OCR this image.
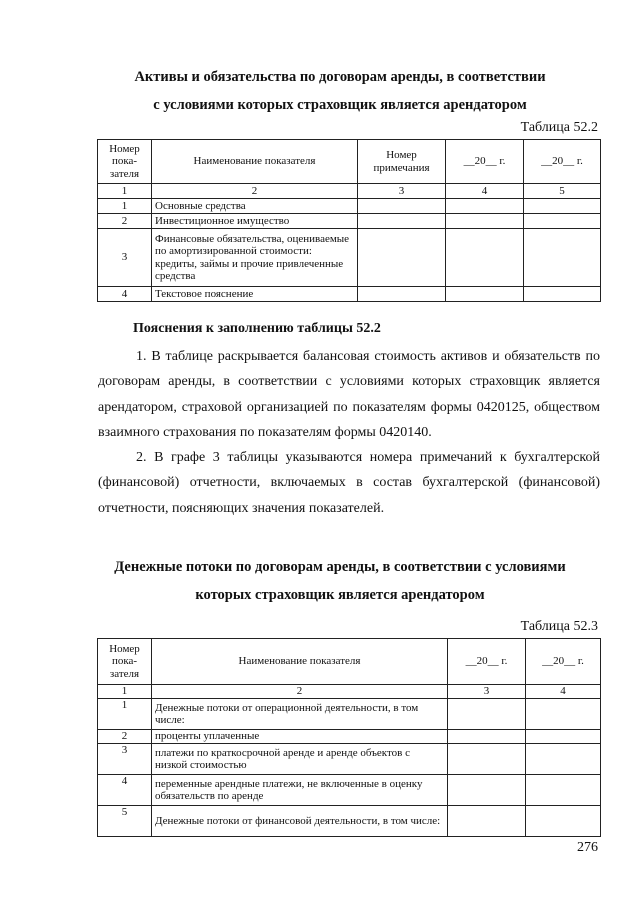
Активы и обязательства по договорам аренды, в соответствии
с условиями которых страховщик является арендатором
Таблица 52.2
Номер пока-зателя	Наименование показателя	Номер примечания	__20__ г.	__20__ г.
1	2	3	4	5
1	Основные средства			
2	Инвестиционное имущество			
3	Финансовые обязательства, оцениваемые по амортизированной стоимости: кредиты, займы и прочие привлеченные средства			
4	Текстовое пояснение			
Пояснения к заполнению таблицы 52.2

1. В таблице раскрывается балансовая стоимость активов и обязательств по договорам аренды, в соответствии с условиями которых страховщик является арендатором, страховой организацией по показателям формы 0420125, обществом взаимного страхования по показателям формы 0420140.

2. В графе 3 таблицы указываются номера примечаний к бухгалтерской (финансовой) отчетности, включаемых в состав бухгалтерской (финансовой) отчетности, поясняющих значения показателей.

Денежные потоки по договорам аренды, в соответствии с условиями
которых страховщик является арендатором
Таблица 52.3
Номер пока-зателя	Наименование показателя	__20__ г.	__20__ г.
1	2	3	4
1	Денежные потоки от операционной деятельности, в том числе:		
2	проценты уплаченные		
3	платежи по краткосрочной аренде и аренде объектов с низкой стоимостью		
4	переменные арендные платежи, не включенные в оценку обязательств по аренде		
5	Денежные потоки от финансовой деятельности, в том числе:		
276
